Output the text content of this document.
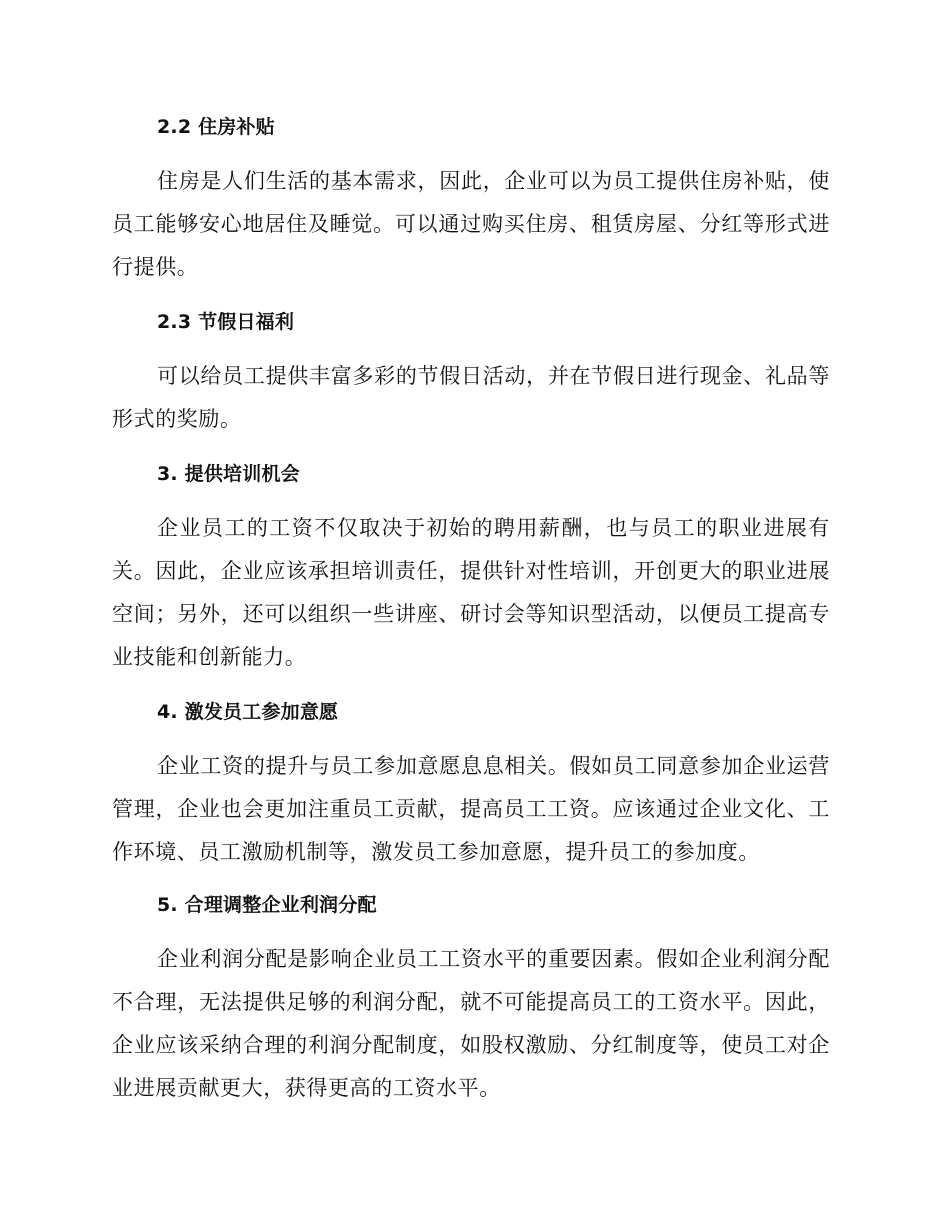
2.2 住房补贴

住房是人们生活的基本需求，因此，企业可以为员工提供住房补贴，使员工能够安心地居住及睡觉。可以通过购买住房、租赁房屋、分红等形式进行提供。

2.3 节假日福利

可以给员工提供丰富多彩的节假日活动，并在节假日进行现金、礼品等形式的奖励。

3. 提供培训机会

企业员工的工资不仅取决于初始的聘用薪酬，也与员工的职业进展有关。因此，企业应该承担培训责任，提供针对性培训，开创更大的职业进展空间；另外，还可以组织一些讲座、研讨会等知识型活动，以便员工提高专业技能和创新能力。

4. 激发员工参加意愿

企业工资的提升与员工参加意愿息息相关。假如员工同意参加企业运营管理，企业也会更加注重员工贡献，提高员工工资。应该通过企业文化、工作环境、员工激励机制等，激发员工参加意愿，提升员工的参加度。

5. 合理调整企业利润分配

企业利润分配是影响企业员工工资水平的重要因素。假如企业利润分配不合理，无法提供足够的利润分配，就不可能提高员工的工资水平。因此，企业应该采纳合理的利润分配制度，如股权激励、分红制度等，使员工对企业进展贡献更大，获得更高的工资水平。
